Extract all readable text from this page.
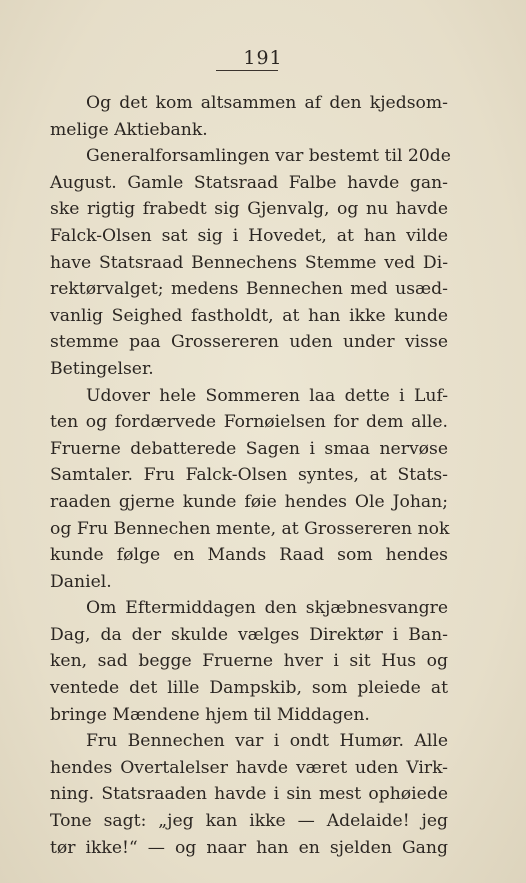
191
Og det kom altsammen af den kjedsom-
melige Aktiebank.
Generalforsamlingen var bestemt til 20de
August. Gamle Statsraad Falbe havde gan-
ske rigtig frabedt sig Gjenvalg, og nu havde
Falck-Olsen sat sig i Hovedet, at han vilde
have Statsraad Bennechens Stemme ved Di-
rektørvalget; medens Bennechen med usæd-
vanlig Seighed fastholdt, at han ikke kunde
stemme paa Grossereren uden under visse
Betingelser.
Udover hele Sommeren laa dette i Luf-
ten og fordærvede Fornøielsen for dem alle.
Fruerne debatterede Sagen i smaa nervøse
Samtaler. Fru Falck-Olsen syntes, at Stats-
raaden gjerne kunde føie hendes Ole Johan;
og Fru Bennechen mente, at Grossereren nok
kunde følge en Mands Raad som hendes
Daniel.
Om Eftermiddagen den skjæbnesvangre
Dag, da der skulde vælges Direktør i Ban-
ken, sad begge Fruerne hver i sit Hus og
ventede det lille Dampskib, som pleiede at
bringe Mændene hjem til Middagen.
Fru Bennechen var i ondt Humør. Alle
hendes Overtalelser havde været uden Virk-
ning. Statsraaden havde i sin mest ophøiede
Tone sagt: „jeg kan ikke — Adelaide! jeg
tør ikke!“ — og naar han en sjelden Gang
